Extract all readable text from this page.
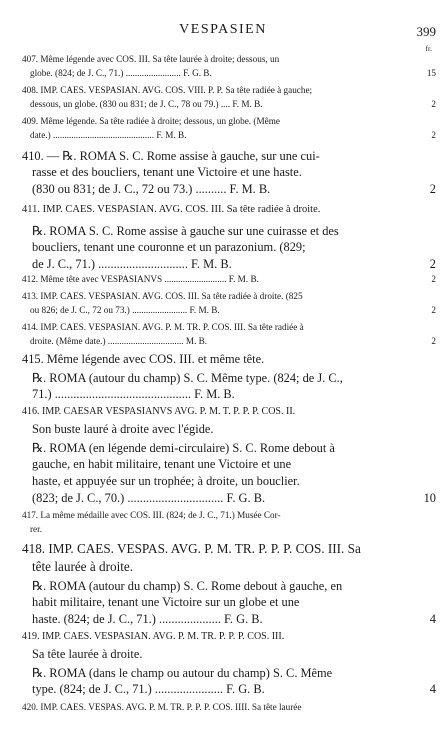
VESPASIEN	399
fr.
407. Même légende avec COS. III. Sa tête laurée à droite; dessous, un
globe. (824; de J. C., 71.) ........................ F. G. B.	15
408. IMP. CAES. VESPASIAN. AVG. COS. VIII. P. P. Sa tête radiée à gauche;
dessous, un globe. (830 ou 831; de J. C., 78 ou 79.) .... F. M. B.	2
409. Même légende. Sa tête radiée à droite; dessous, un globe. (Même
date.) ............................................ F. M. B.	2
410. — ℞. ROMA S. C. Rome assise à gauche, sur une cui-
rasse et des boucliers, tenant une Victoire et une haste.
(830 ou 831; de J. C., 72 ou 73.) .......... F. M. B.	2
411. IMP. CAES. VESPASIAN. AVG. COS. III. Sa tête radiée à droite.
℞. ROMA S. C. Rome assise à gauche sur une cuirasse et des
boucliers, tenant une couronne et un parazonium. (829;
de J. C., 71.) ............................. F. M. B.	2
412. Même tête avec VESPASIANVS ........................... F. M. B.	2
413. IMP. CAES. VESPASIAN. AVG. COS. III. Sa tête radiée à droite. (825
ou 826; de J. C., 72 ou 73.) ........................ F. M. B.	2
414. IMP. CAES. VESPASIAN. AVG. P. M. TR. P. COS. III. Sa tête radiée à
droite. (Même date.) ................................. M. B.	2
415. Même légende avec COS. III. et même tête.
℞. ROMA (autour du champ) S. C. Même type. (824; de J. C.,
71.) ............................................ F. M. B.
416. IMP. CAESAR VESPASIANVS AVG. P. M. T. P. P. P. COS. II.
Son buste lauré à droite avec l'égide.
℞. ROMA (en légende demi-circulaire) S. C. Rome debout à
gauche, en habit militaire, tenant une Victoire et une
haste, et appuyée sur un trophée; à droite, un bouclier.
(823; de J. C., 70.) ............................... F. G. B.	10
417. La même médaille avec COS. III. (824; de J. C., 71.) Musée Cor-
rer.
418. IMP. CAES. VESPAS. AVG. P. M. TR. P. P. P. COS. III. Sa
tête laurée à droite.
℞. ROMA (autour du champ) S. C. Rome debout à gauche, en
habit militaire, tenant une Victoire sur un globe et une
haste. (824; de J. C., 71.) .................... F. G. B.	4
419. IMP. CAES. VESPASIAN. AVG. P. M. TR. P. P. P. COS. III.
Sa tête laurée à droite.
℞. ROMA (dans le champ ou autour du champ) S. C. Même
type. (824; de J. C., 71.) ...................... F. G. B.	4
420. IMP. CAES. VESPAS. AVG. P. M. TR. P. P. P. COS. IIII. Sa tête laurée
